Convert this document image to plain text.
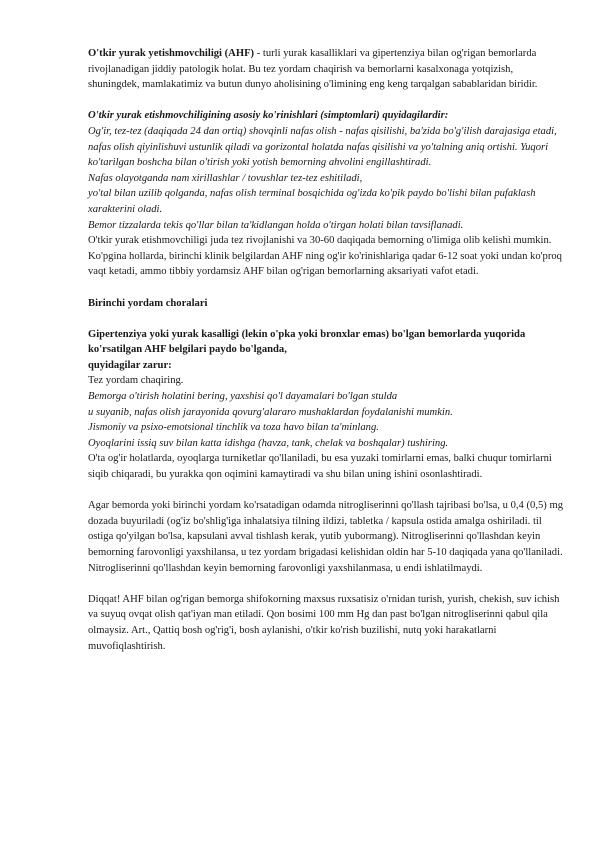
O'tkir yurak yetishmovchiligi (AHF) - turli yurak kasalliklari va gipertenziya bilan og'rigan bemorlarda rivojlanadigan jiddiy patologik holat. Bu tez yordam chaqirish va bemorlarni kasalxonaga yotqizish, shuningdek, mamlakatimiz va butun dunyo aholisining o'limining eng keng tarqalgan sabablaridan biridir.

O'tkir yurak etishmovchiligining asosiy ko'rinishlari (simptomlari) quyidagilardir:

Og'ir, tez-tez (daqiqada 24 dan ortiq) shovqinli nafas olish - nafas qisilishi, ba'zida bo'g'ilish darajasiga etadi, nafas olish qiyinlishuvi ustunlik qiladi va gorizontal holatda nafas qisilishi va yo'talning aniq ortishi. Yuqori ko'tarilgan boshcha bilan o'tirish yoki yotish bemorning ahvolini engillashtiradi.

Nafas olayotganda nam xirillashlar / tovushlar tez-tez eshitiladi,

yo'tal bilan uzilib qolganda, nafas olish terminal bosqichida og'izda ko'pik paydo bo'lishi bilan pufaklash xarakterini oladi.

Bemor tizzalarda tekis qo'llar bilan ta'kidlangan holda o'tirgan holati bilan tavsiflanadi.

O'tkir yurak etishmovchiligi juda tez rivojlanishi va 30-60 daqiqada bemorning o'limiga olib kelishi mumkin. Ko'pgina hollarda, birinchi klinik belgilardan AHF ning og'ir ko'rinishlariga qadar 6-12 soat yoki undan ko'proq vaqt ketadi, ammo tibbiy yordamsiz AHF bilan og'rigan bemorlarning aksariyati vafot etadi.

Birinchi yordam choralari

Gipertenziya yoki yurak kasalligi (lekin o'pka yoki bronxlar emas) bo'lgan bemorlarda yuqorida ko'rsatilgan AHF belgilari paydo bo'lganda,

quyidagilar zarur:

Tez yordam chaqiring.

Bemorga o'tirish holatini bering, yaxshisi qo'l dayamalari bo'lgan stulda

u suyanib, nafas olish jarayonida qovurg'alararo mushaklardan foydalanishi mumkin.

Jismoniy va psixo-emotsional tinchlik va toza havo bilan ta'minlang.

Oyoqlarini issiq suv bilan katta idishga (havza, tank, chelak va boshqalar) tushiring.

O'ta og'ir holatlarda, oyoqlarga turniketlar qo'llaniladi, bu esa yuzaki tomirlarni emas, balki chuqur tomirlarni siqib chiqaradi, bu yurakka qon oqimini kamaytiradi va shu bilan uning ishini osonlashtiradi.

Agar bemorda yoki birinchi yordam ko'rsatadigan odamda nitrogliserinni qo'llash tajribasi bo'lsa, u 0,4 (0,5) mg dozada buyuriladi (og'iz bo'shlig'iga inhalatsiya tilning ildizi, tabletka / kapsula ostida amalga oshiriladi. til ostiga qo'yilgan bo'lsa, kapsulani avval tishlash kerak, yutib yubormang). Nitrogliserinni qo'llashdan keyin bemorning farovonligi yaxshilansa, u tez yordam brigadasi kelishidan oldin har 5-10 daqiqada yana qo'llaniladi. Nitrogliserinni qo'llashdan keyin bemorning farovonligi yaxshilanmasa, u endi ishlatilmaydi.

Diqqat! AHF bilan og'rigan bemorga shifokorning maxsus ruxsatisiz o'rnidan turish, yurish, chekish, suv ichish va suyuq ovqat olish qat'iyan man etiladi. Qon bosimi 100 mm Hg dan past bo'lgan nitrogliserinni qabul qila olmaysiz. Art., Qattiq bosh og'rig'i, bosh aylanishi, o'tkir ko'rish buzilishi, nutq yoki harakatlarni muvofiqlashtirish.
